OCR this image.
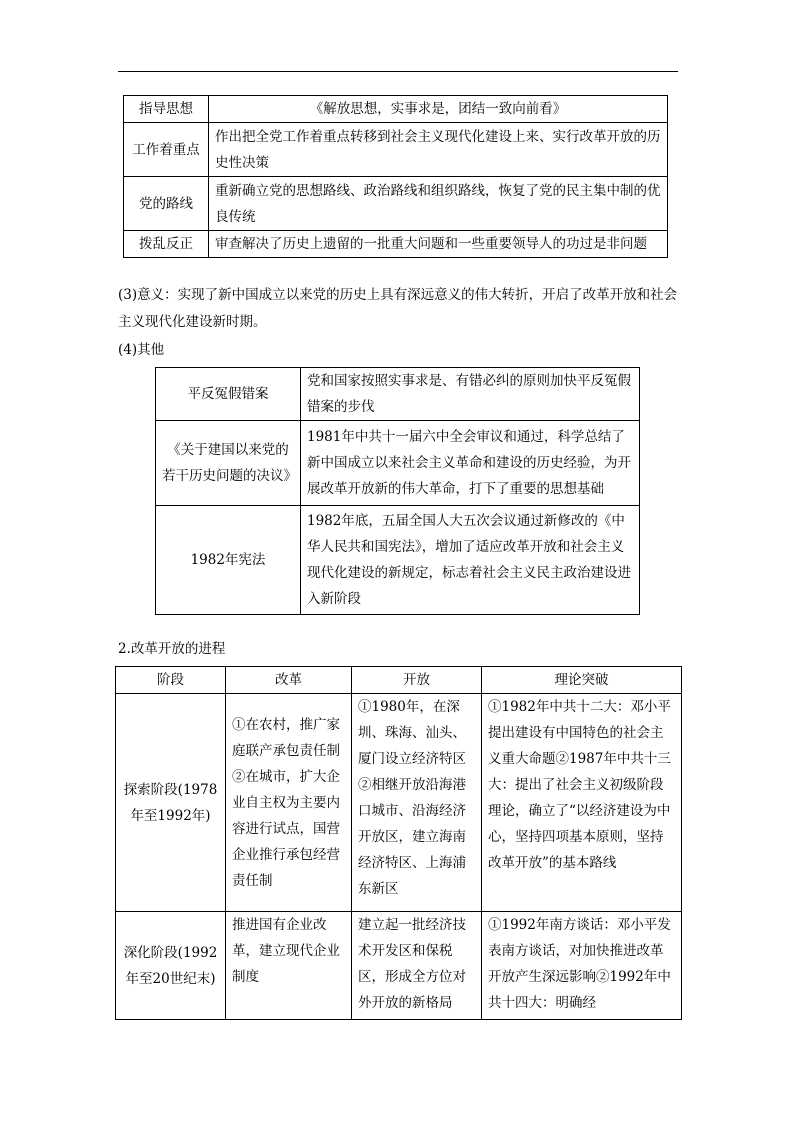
指导思想	《解放思想，实事求是，团结一致向前看》
工作着重点	作出把全党工作着重点转移到社会主义现代化建设上来、实行改革开放的历史性决策
党的路线	重新确立党的思想路线、政治路线和组织路线，恢复了党的民主集中制的优良传统
拨乱反正	审查解决了历史上遗留的一批重大问题和一些重要领导人的功过是非问题
(3)意义：实现了新中国成立以来党的历史上具有深远意义的伟大转折，开启了改革开放和社会主义现代化建设新时期。
(4)其他
平反冤假错案	党和国家按照实事求是、有错必纠的原则加快平反冤假错案的步伐
《关于建国以来党的若干历史问题的决议》	1981年中共十一届六中全会审议和通过，科学总结了新中国成立以来社会主义革命和建设的历史经验，为开展改革开放新的伟大革命，打下了重要的思想基础
1982年宪法	1982年底，五届全国人大五次会议通过新修改的《中华人民共和国宪法》，增加了适应改革开放和社会主义现代化建设的新规定，标志着社会主义民主政治建设进入新阶段
2.改革开放的进程
阶段	改革	开放	理论突破
探索阶段(1978年至1992年)	①在农村，推广家庭联产承包责任制②在城市，扩大企业自主权为主要内容进行试点，国营企业推行承包经营责任制	①1980年，在深圳、珠海、汕头、厦门设立经济特区②相继开放沿海港口城市、沿海经济开放区，建立海南经济特区、上海浦东新区	①1982年中共十二大：邓小平提出建设有中国特色的社会主义重大命题②1987年中共十三大：提出了社会主义初级阶段理论，确立了“以经济建设为中心，坚持四项基本原则，坚持改革开放”的基本路线
深化阶段(1992年至20世纪末)	推进国有企业改革，建立现代企业制度	建立起一批经济技术开发区和保税区，形成全方位对外开放的新格局	①1992年南方谈话：邓小平发表南方谈话，对加快推进改革开放产生深远影响②1992年中共十四大：明确经
